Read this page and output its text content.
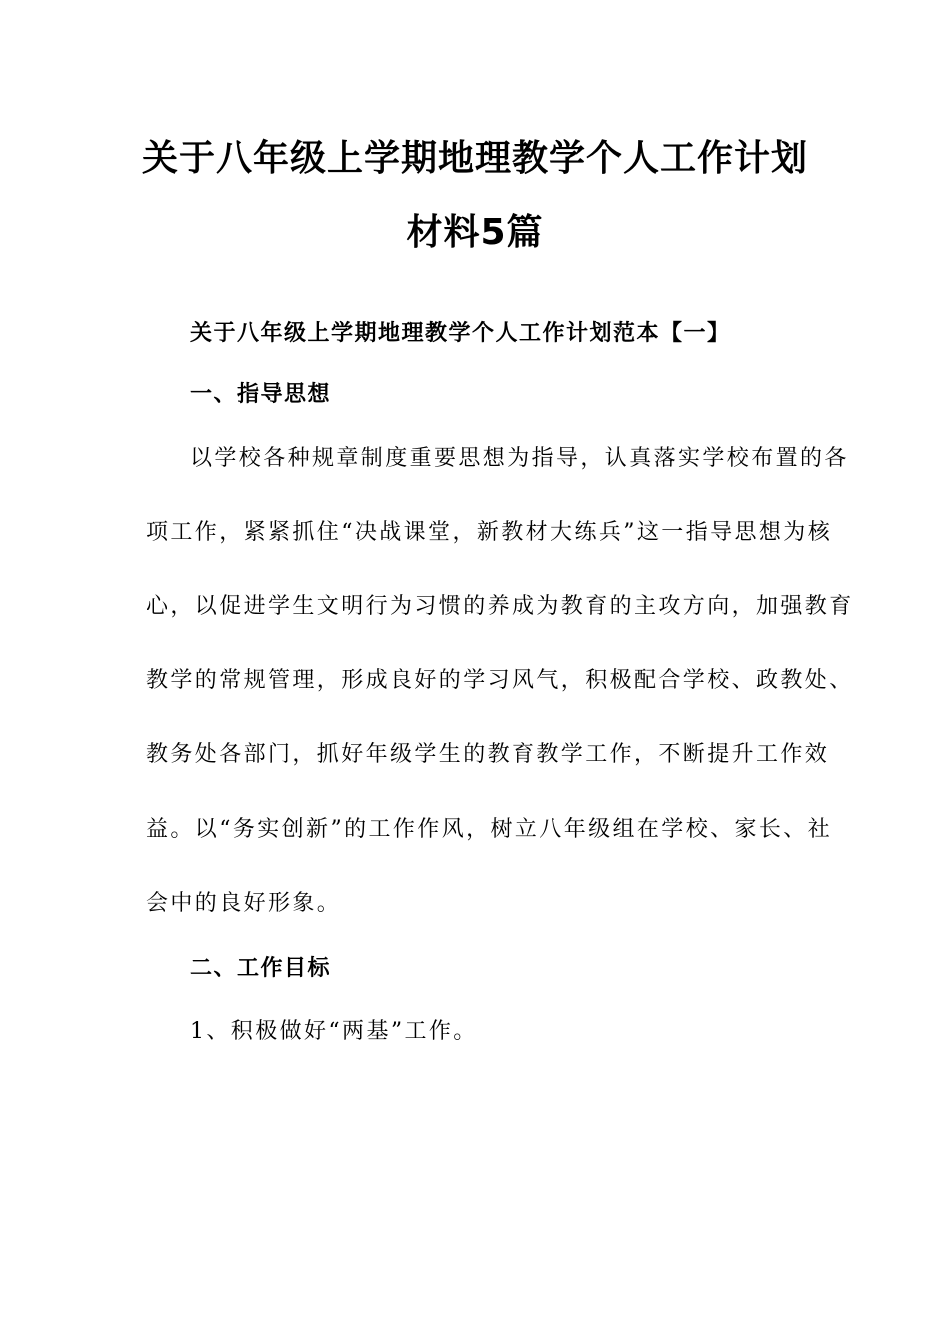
关于八年级上学期地理教学个人工作计划
材料5篇
关于八年级上学期地理教学个人工作计划范本【一】
一、指导思想
以学校各种规章制度重要思想为指导，认真落实学校布置的各
项工作，紧紧抓住“决战课堂，新教材大练兵”这一指导思想为核
心，以促进学生文明行为习惯的养成为教育的主攻方向，加强教育
教学的常规管理，形成良好的学习风气，积极配合学校、政教处、
教务处各部门，抓好年级学生的教育教学工作，不断提升工作效
益。以“务实创新”的工作作风，树立八年级组在学校、家长、社
会中的良好形象。
二、工作目标
1、积极做好“两基”工作。
